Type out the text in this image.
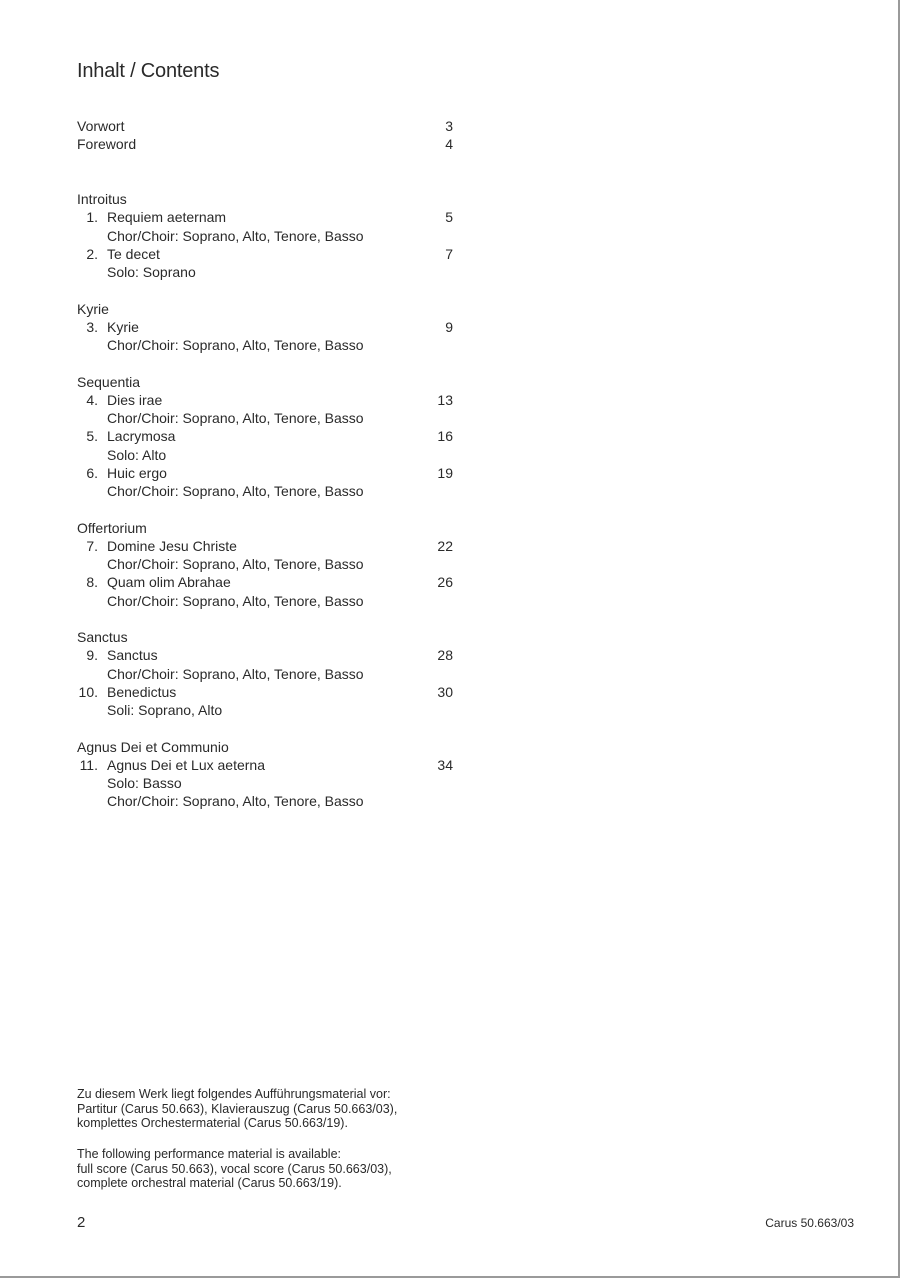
Inhalt / Contents
Vorwort	3
Foreword	4
Introitus
1. Requiem aeternam	5
Chor/Choir: Soprano, Alto, Tenore, Basso
2. Te decet	7
Solo: Soprano
Kyrie
3. Kyrie	9
Chor/Choir: Soprano, Alto, Tenore, Basso
Sequentia
4. Dies irae	13
Chor/Choir: Soprano, Alto, Tenore, Basso
5. Lacrymosa	16
Solo: Alto
6. Huic ergo	19
Chor/Choir: Soprano, Alto, Tenore, Basso
Offertorium
7. Domine Jesu Christe	22
Chor/Choir: Soprano, Alto, Tenore, Basso
8. Quam olim Abrahae	26
Chor/Choir: Soprano, Alto, Tenore, Basso
Sanctus
9. Sanctus	28
Chor/Choir: Soprano, Alto, Tenore, Basso
10. Benedictus	30
Soli: Soprano, Alto
Agnus Dei et Communio
11. Agnus Dei et Lux aeterna	34
Solo: Basso
Chor/Choir: Soprano, Alto, Tenore, Basso
Zu diesem Werk liegt folgendes Aufführungsmaterial vor:
Partitur (Carus 50.663), Klavierauszug (Carus 50.663/03),
komplettes Orchestermaterial (Carus 50.663/19).
The following performance material is available:
full score (Carus 50.663), vocal score (Carus 50.663/03),
complete orchestral material (Carus 50.663/19).
2	Carus 50.663/03
